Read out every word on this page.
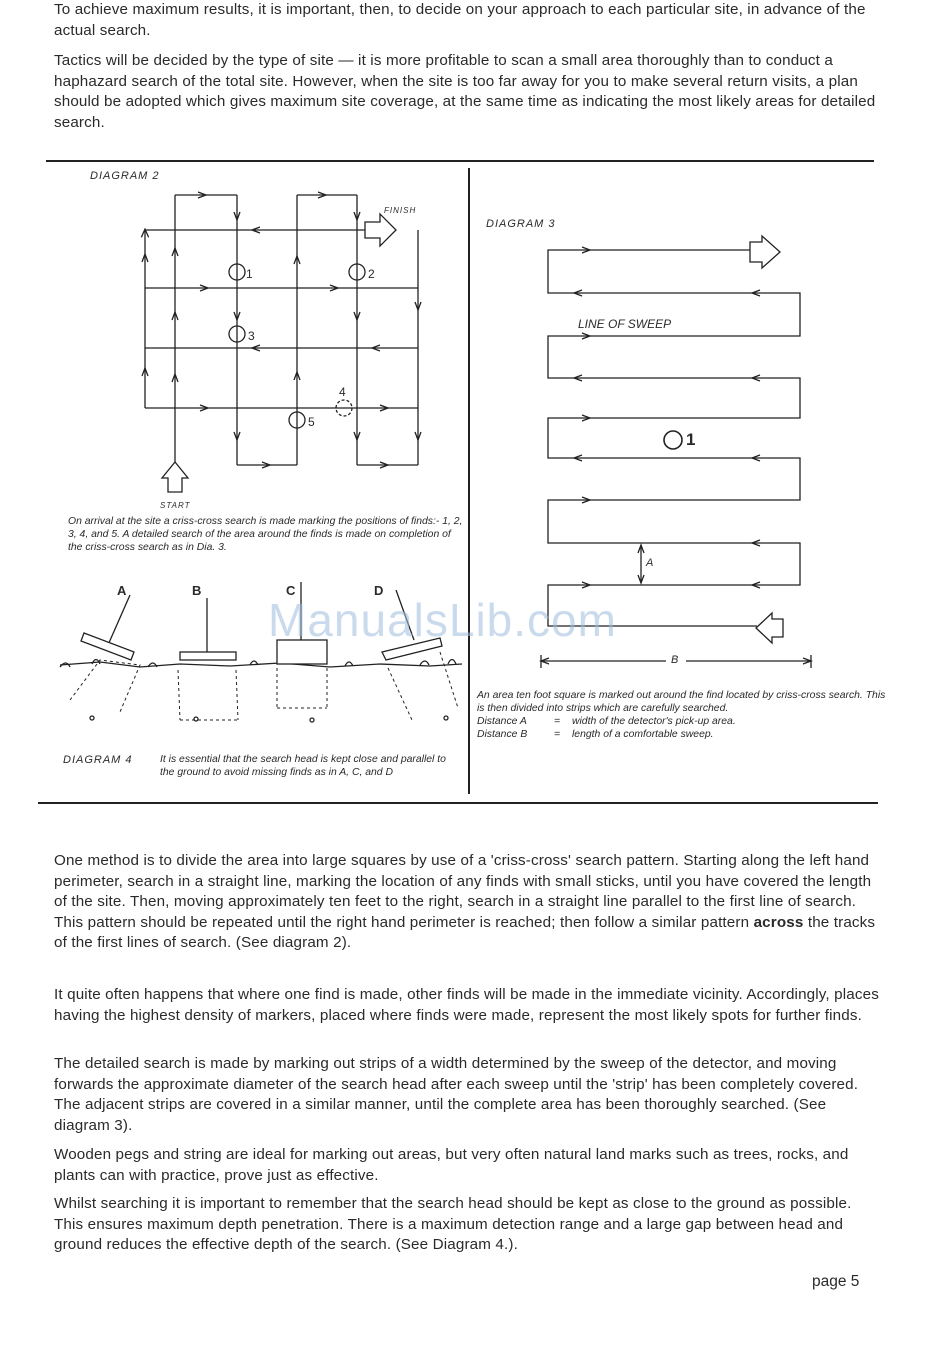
To achieve maximum results, it is important, then, to decide on your approach to each particular site, in advance of the actual search.

Tactics will be decided by the type of site — it is more profitable to scan a small area thoroughly than to conduct a haphazard search of the total site. However, when the site is too far away for you to make several return visits, a plan should be adopted which gives maximum site coverage, at the same time as indicating the most likely areas for detailed search.

DIAGRAM 2
FINISH
START
1	2
3
4
5
On arrival at the site a criss-cross search is made marking the positions of finds:- 1, 2, 3, 4, and 5. A detailed search of the area around the finds is made on completion of the criss-cross search as in Dia. 3.
A	B	C	D
DIAGRAM 4	It is essential that the search head is kept close and parallel to the ground to avoid missing finds as in A, C, and D
DIAGRAM 3
LINE OF SWEEP
1
A
B
An area ten foot square is marked out around the find located by criss-cross search. This is then divided into strips which are carefully searched.
Distance A	= width of the detector's pick-up area.
Distance B	= length of a comfortable sweep.
ManualsLib.com

One method is to divide the area into large squares by use of a 'criss-cross' search pattern. Starting along the left hand perimeter, search in a straight line, marking the location of any finds with small sticks, until you have covered the length of the site. Then, moving approximately ten feet to the right, search in a straight line parallel to the first line of search. This pattern should be repeated until the right hand perimeter is reached; then follow a similar pattern across the tracks of the first lines of search. (See diagram 2).

It quite often happens that where one find is made, other finds will be made in the immediate vicinity. Accordingly, places having the highest density of markers, placed where finds were made, represent the most likely spots for further finds.

The detailed search is made by marking out strips of a width determined by the sweep of the detector, and moving forwards the approximate diameter of the search head after each sweep until the 'strip' has been completely covered. The adjacent strips are covered in a similar manner, until the complete area has been thoroughly searched. (See diagram 3).

Wooden pegs and string are ideal for marking out areas, but very often natural land marks such as trees, rocks, and plants can with practice, prove just as effective.

Whilst searching it is important to remember that the search head should be kept as close to the ground as possible. This ensures maximum depth penetration. There is a maximum detection range and a large gap between head and ground reduces the effective depth of the search. (See Diagram 4.).

page 5
